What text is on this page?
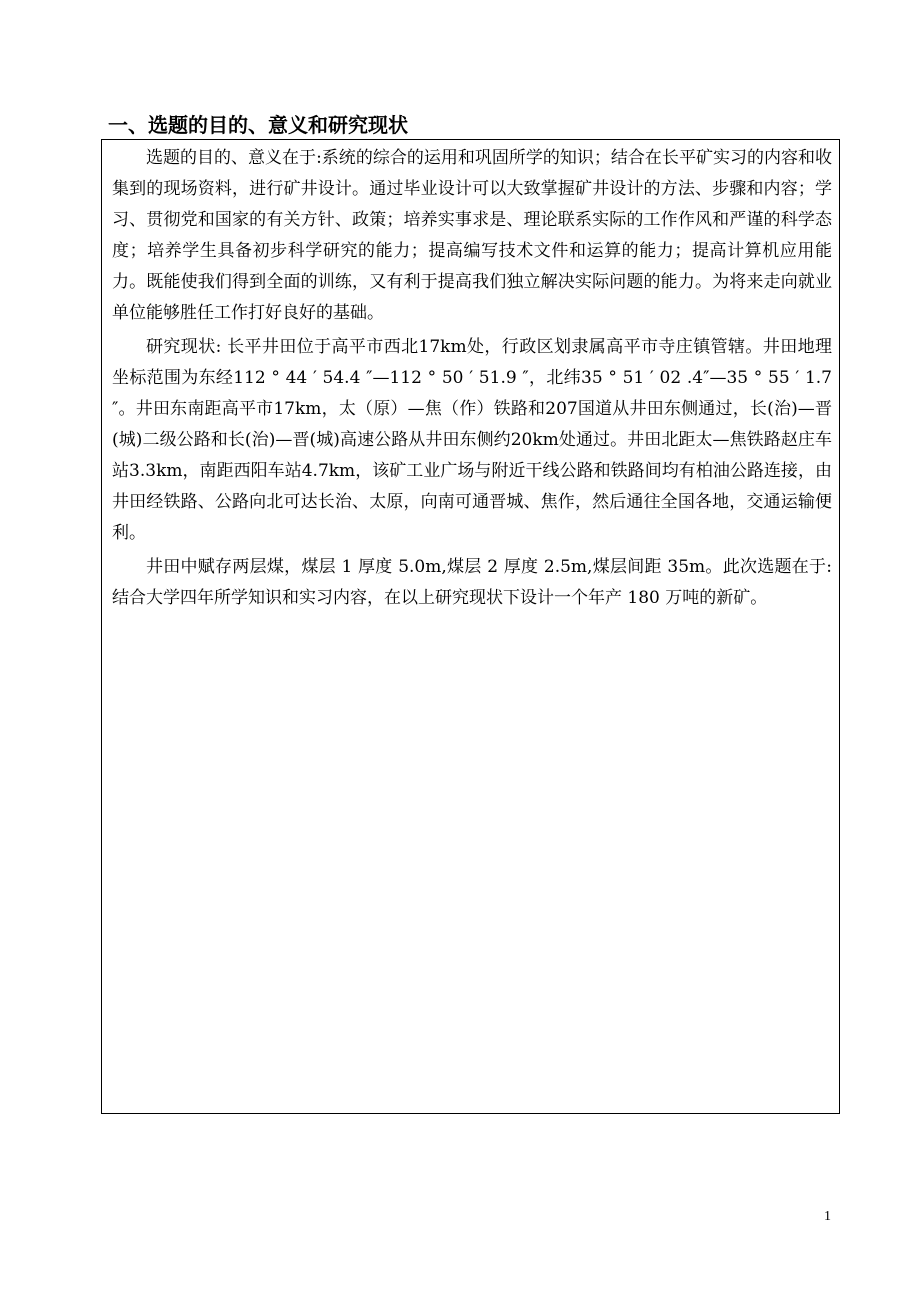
一、选题的目的、意义和研究现状

选题的目的、意义在于:系统的综合的运用和巩固所学的知识；结合在长平矿实习的内容和收集到的现场资料，进行矿井设计。通过毕业设计可以大致掌握矿井设计的方法、步骤和内容；学习、贯彻党和国家的有关方针、政策；培养实事求是、理论联系实际的工作作风和严谨的科学态度；培养学生具备初步科学研究的能力；提高编写技术文件和运算的能力；提高计算机应用能力。既能使我们得到全面的训练，又有利于提高我们独立解决实际问题的能力。为将来走向就业单位能够胜任工作打好良好的基础。

研究现状: 长平井田位于高平市西北17km处，行政区划隶属高平市寺庄镇管辖。井田地理坐标范围为东经112 ° 44 ′ 54.4 ″—112 ° 50 ′ 51.9 ″，北纬35 ° 51 ′ 02 .4″—35 ° 55 ′ 1.7 ″。井田东南距高平市17km，太（原）—焦（作）铁路和207国道从井田东侧通过，长(治)—晋(城)二级公路和长(治)—晋(城)高速公路从井田东侧约20km处通过。井田北距太—焦铁路赵庄车站3.3km，南距西阳车站4.7km，该矿工业广场与附近干线公路和铁路间均有柏油公路连接，由井田经铁路、公路向北可达长治、太原，向南可通晋城、焦作，然后通往全国各地，交通运输便利。

井田中赋存两层煤，煤层 1 厚度 5.0m,煤层 2 厚度 2.5m,煤层间距 35m。此次选题在于:结合大学四年所学知识和实习内容，在以上研究现状下设计一个年产 180 万吨的新矿。

1
